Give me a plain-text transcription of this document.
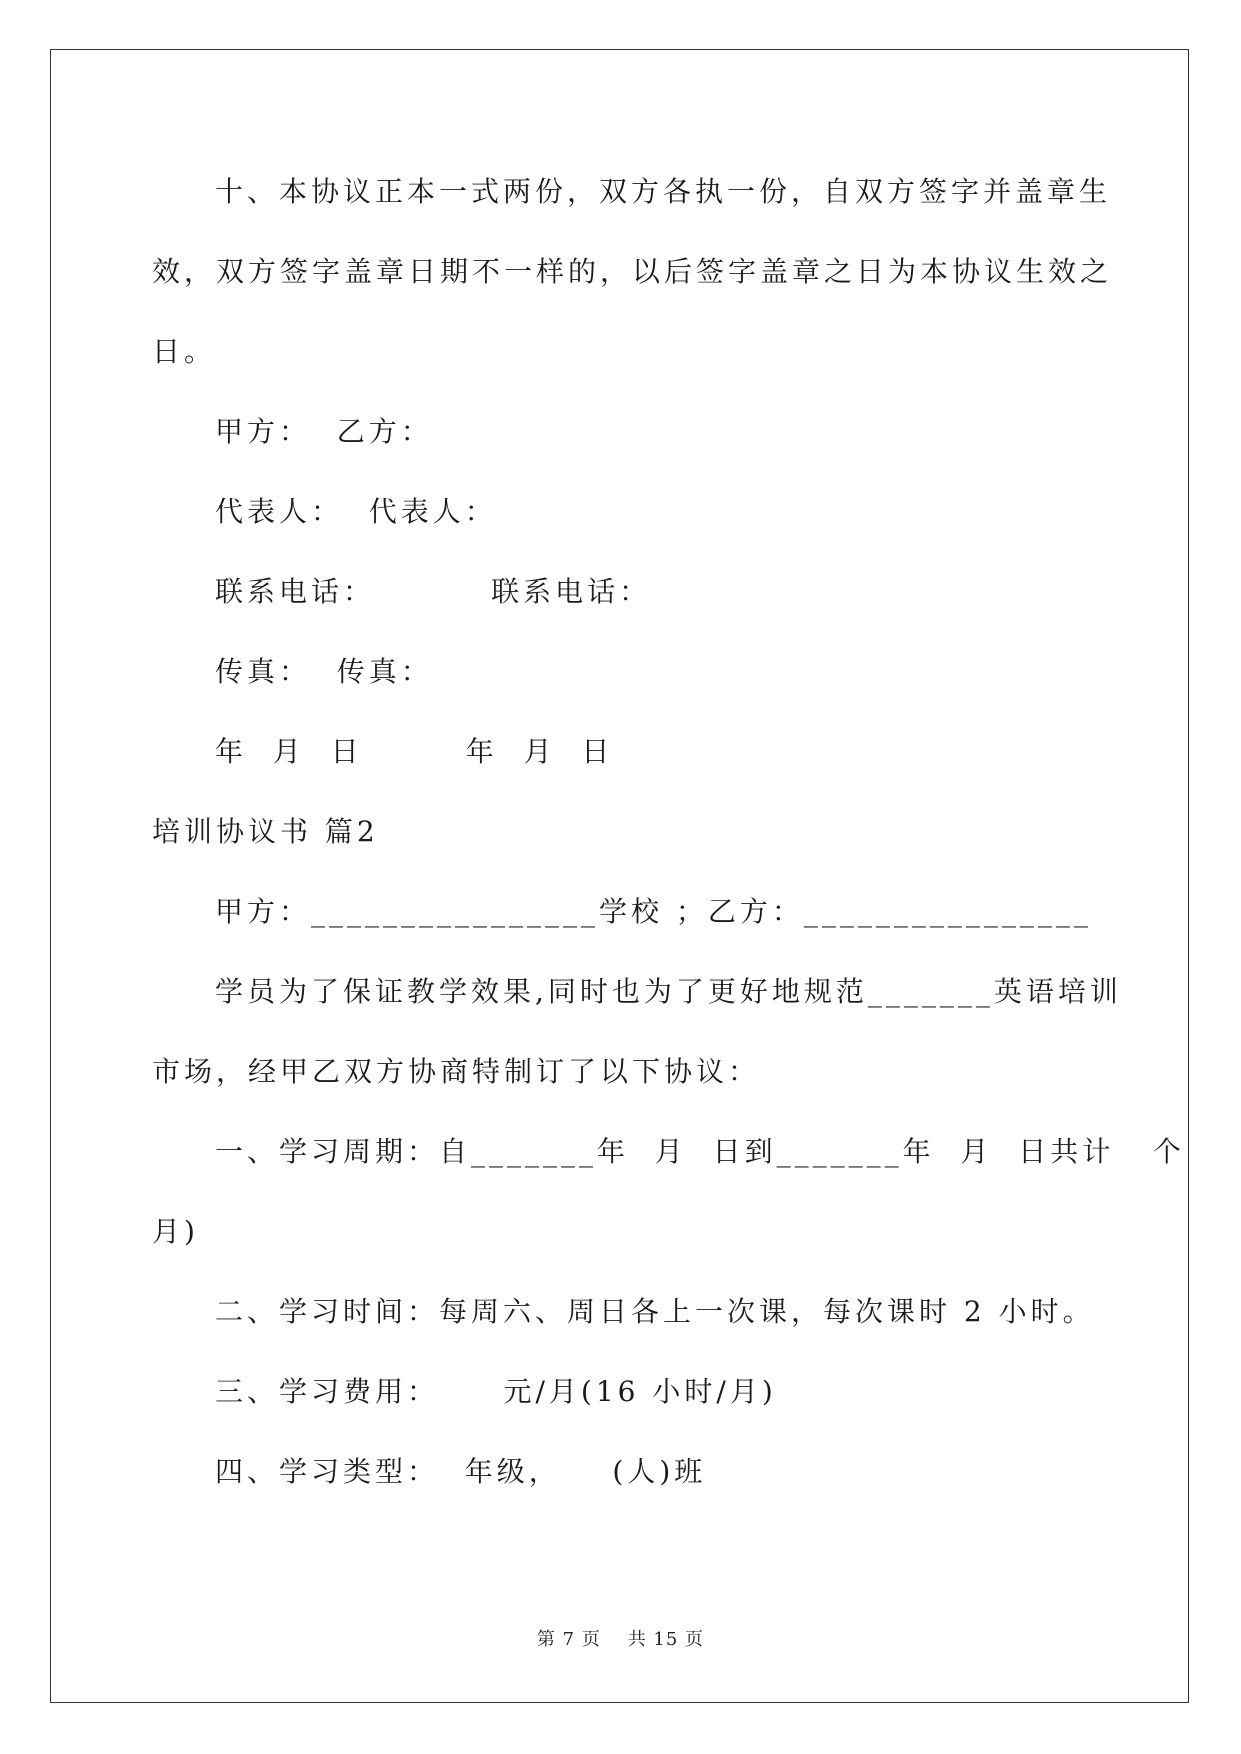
十、本协议正本一式两份，双方各执一份，自双方签字并盖章生
效，双方签字盖章日期不一样的，以后签字盖章之日为本协议生效之
日。
甲方：  乙方：
代表人：  代表人：
联系电话：         联系电话：
传真：  传真：
年  月  日        年  月  日
培训协议书 篇2
甲方：________________学校 ；乙方：________________
学员为了保证教学效果,同时也为了更好地规范_______英语培训
市场，经甲乙双方协商特制订了以下协议：
一、学习周期：自_______年  月  日到_______年  月  日共计   个
月)
二、学习时间：每周六、周日各上一次课，每次课时 2 小时。
三、学习费用：     元/月(16 小时/月)
四、学习类型：  年级，    (人)班
第 7 页    共 15 页
